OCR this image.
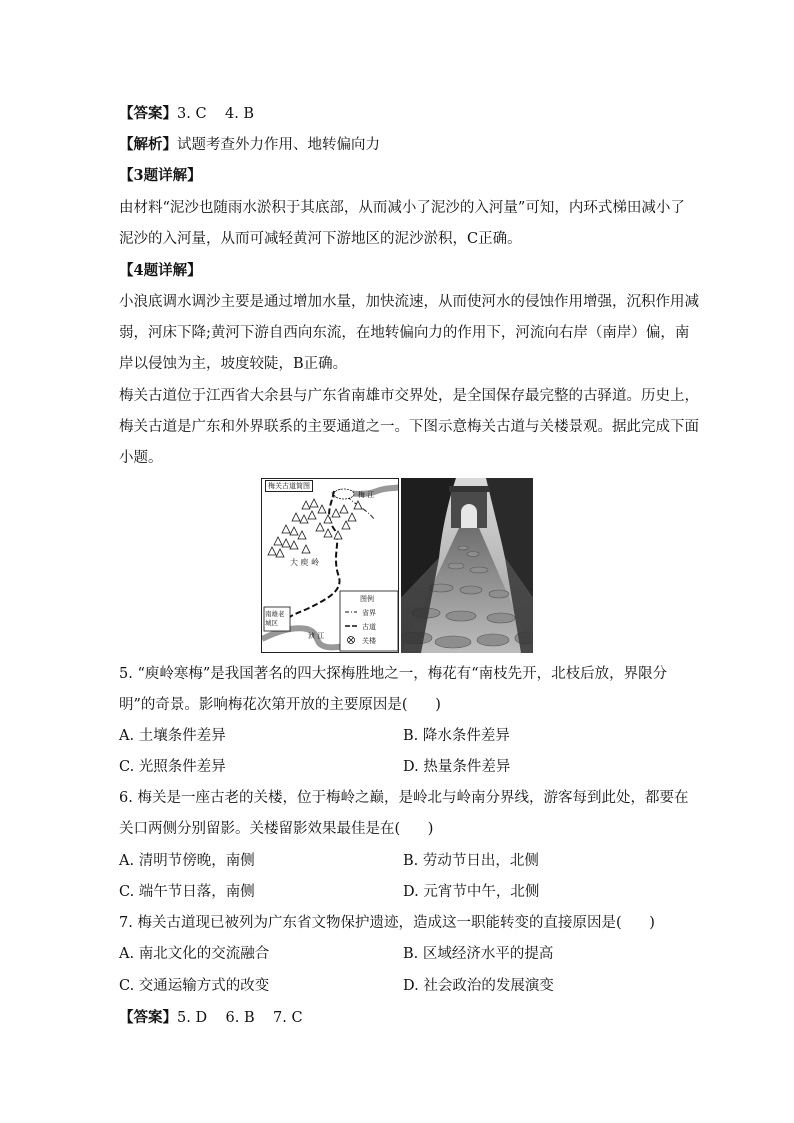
【答案】3. C    4. B
【解析】试题考查外力作用、地转偏向力
【3题详解】
由材料“泥沙也随雨水淤积于其底部，从而减小了泥沙的入河量”可知，内环式梯田减小了
泥沙的入河量，从而可减轻黄河下游地区的泥沙淤积，C正确。
【4题详解】
小浪底调水调沙主要是通过增加水量，加快流速，从而使河水的侵蚀作用增强，沉积作用减
弱，河床下降;黄河下游自西向东流，在地转偏向力的作用下，河流向右岸（南岸）偏，南
岸以侵蚀为主，坡度较陡，B正确。
梅关古道位于江西省大余县与广东省南雄市交界处，是全国保存最完整的古驿道。历史上，
梅关古道是广东和外界联系的主要通道之一。下图示意梅关古道与关楼景观。据此完成下面
小题。
梅关古道简图
梅 江
大 庾 岭
南雄老城区
浈 江
图例
省界
古道
关楼
5. “庾岭寒梅”是我国著名的四大探梅胜地之一，梅花有“南枝先开，北枝后放，界限分
明”的奇景。影响梅花次第开放的主要原因是(      )
A. 土壤条件差异	B. 降水条件差异
C. 光照条件差异	D. 热量条件差异
6. 梅关是一座古老的关楼，位于梅岭之巅，是岭北与岭南分界线，游客每到此处，都要在
关口两侧分别留影。关楼留影效果最佳是在(      )
A. 清明节傍晚，南侧	B. 劳动节日出，北侧
C. 端午节日落，南侧	D. 元宵节中午，北侧
7. 梅关古道现已被列为广东省文物保护遗迹，造成这一职能转变的直接原因是(      )
A. 南北文化的交流融合	B. 区域经济水平的提高
C. 交通运输方式的改变	D. 社会政治的发展演变
【答案】5. D    6. B    7. C
